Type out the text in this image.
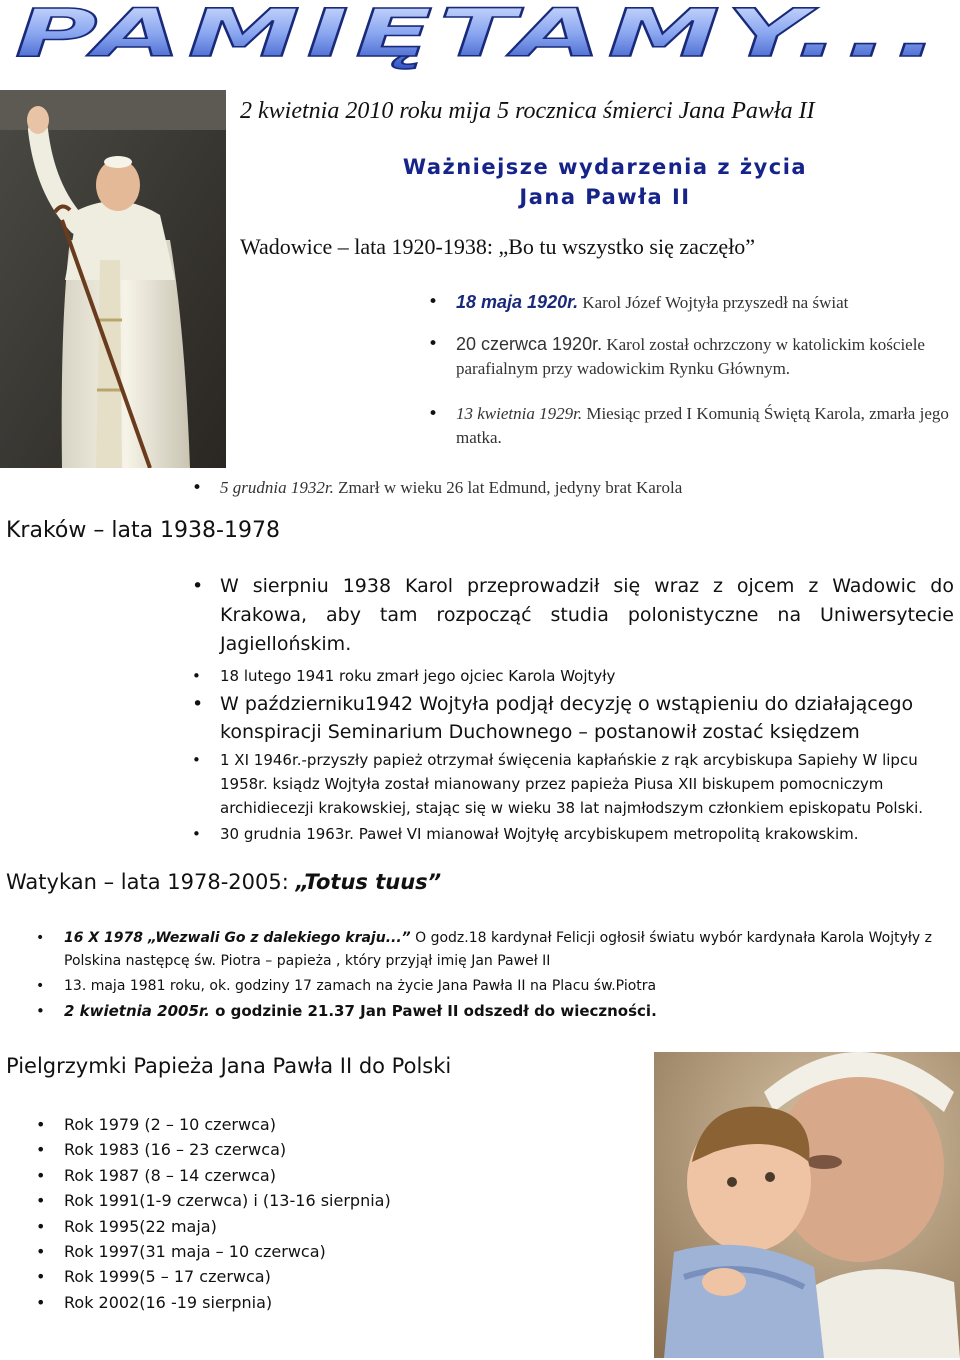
PAMIĘTAMY...
2 kwietnia 2010 roku mija 5 rocznica śmierci Jana Pawła II
Ważniejsze wydarzenia z życia
Jana Pawła II
Wadowice – lata 1920-1938: „Bo tu wszystko się zaczęło”
• 18 maja 1920r. Karol Józef Wojtyła przyszedł na świat
• 20 czerwca 1920r. Karol został ochrzczony w katolickim kościele parafialnym przy wadowickim Rynku Głównym.
• 13 kwietnia 1929r. Miesiąc przed I Komunią Świętą Karola, zmarła jego matka.
• 5 grudnia 1932r. Zmarł w wieku 26 lat Edmund, jedyny brat Karola
Kraków – lata 1938-1978
• W sierpniu 1938 Karol przeprowadził się wraz z ojcem z Wadowic do Krakowa, aby tam rozpocząć studia polonistyczne na Uniwersytecie Jagiellońskim.
• 18 lutego 1941 roku zmarł jego ojciec Karola Wojtyły
• W październiku1942 Wojtyła podjął decyzję o wstąpieniu do działającego konspiracji Seminarium Duchownego – postanowił zostać księdzem
• 1 XI 1946r.-przyszły papież otrzymał święcenia kapłańskie z rąk arcybiskupa Sapiehy W lipcu 1958r. ksiądz Wojtyła został mianowany przez papieża Piusa XII biskupem pomocniczym archidiecezji krakowskiej, stając się w wieku 38 lat najmłodszym członkiem episkopatu Polski.
• 30 grudnia 1963r. Paweł VI mianował Wojtyłę arcybiskupem metropolitą krakowskim.
Watykan – lata 1978-2005: „Totus tuus”
• 16 X 1978 „Wezwali Go z dalekiego kraju...” O godz.18 kardynał Felicji ogłosił światu wybór kardynała Karola Wojtyły z Polskina następcę św. Piotra – papieża , który przyjął imię Jan Paweł II
• 13. maja 1981 roku, ok. godziny 17 zamach na życie Jana Pawła II na Placu św.Piotra
• 2 kwietnia 2005r. o godzinie 21.37 Jan Paweł II odszedł do wieczności.
Pielgrzymki Papieża Jana Pawła II do Polski
• Rok 1979 (2 – 10 czerwca)
• Rok 1983 (16 – 23 czerwca)
• Rok 1987 (8 – 14 czerwca)
• Rok 1991(1-9 czerwca) i (13-16 sierpnia)
• Rok 1995(22 maja)
• Rok 1997(31 maja – 10 czerwca)
• Rok 1999(5 – 17 czerwca)
• Rok 2002(16 -19 sierpnia)
